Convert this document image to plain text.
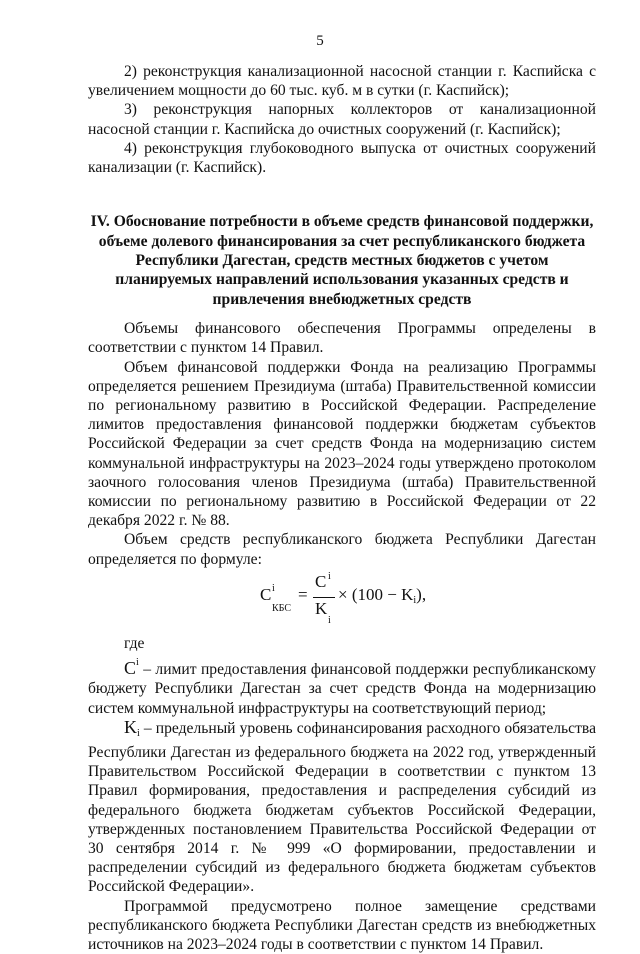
5

2) реконструкция канализационной насосной станции г. Каспийска с увеличением мощности до 60 тыс. куб. м в сутки (г. Каспийск);

3) реконструкция напорных коллекторов от канализационной насосной станции г. Каспийска до очистных сооружений (г. Каспийск);

4) реконструкция глубоководного выпуска от очистных сооружений канализации (г. Каспийск).

IV. Обоснование потребности в объеме средств финансовой поддержки, объеме долевого финансирования за счет республиканского бюджета Республики Дагестан, средств местных бюджетов с учетом планируемых направлений использования указанных средств и привлечения внебюджетных средств

Объемы финансового обеспечения Программы определены в соответствии с пунктом 14 Правил.

Объем финансовой поддержки Фонда на реализацию Программы определяется решением Президиума (штаба) Правительственной комиссии по региональному развитию в Российской Федерации. Распределение лимитов предоставления финансовой поддержки бюджетам субъектов Российской Федерации за счет средств Фонда на модернизацию систем коммунальной инфраструктуры на 2023–2024 годы утверждено протоколом заочного голосования членов Президиума (штаба) Правительственной комиссии по региональному развитию в Российской Федерации от 22 декабря 2022 г. № 88.

Объем средств республиканского бюджета Республики Дагестан определяется по формуле:

C i
КБС
=
C i
K
i
× (100 − Ki),
где

$C^i$ – лимит предоставления финансовой поддержки республиканскому бюджету Республики Дагестан за счет средств Фонда на модернизацию систем коммунальной инфраструктуры на соответствующий период;

Ki – предельный уровень софинансирования расходного обязательства Республики Дагестан из федерального бюджета на 2022 год, утвержденный Правительством Российской Федерации в соответствии с пунктом 13 Правил формирования, предоставления и распределения субсидий из федерального бюджета бюджетам субъектов Российской Федерации, утвержденных постановлением Правительства Российской Федерации от 30 сентября 2014 г. № 999 «О формировании, предоставлении и распределении субсидий из федерального бюджета бюджетам субъектов Российской Федерации».

Программой предусмотрено полное замещение средствами республиканского бюджета Республики Дагестан средств из внебюджетных источников на 2023–2024 годы в соответствии с пунктом 14 Правил.
